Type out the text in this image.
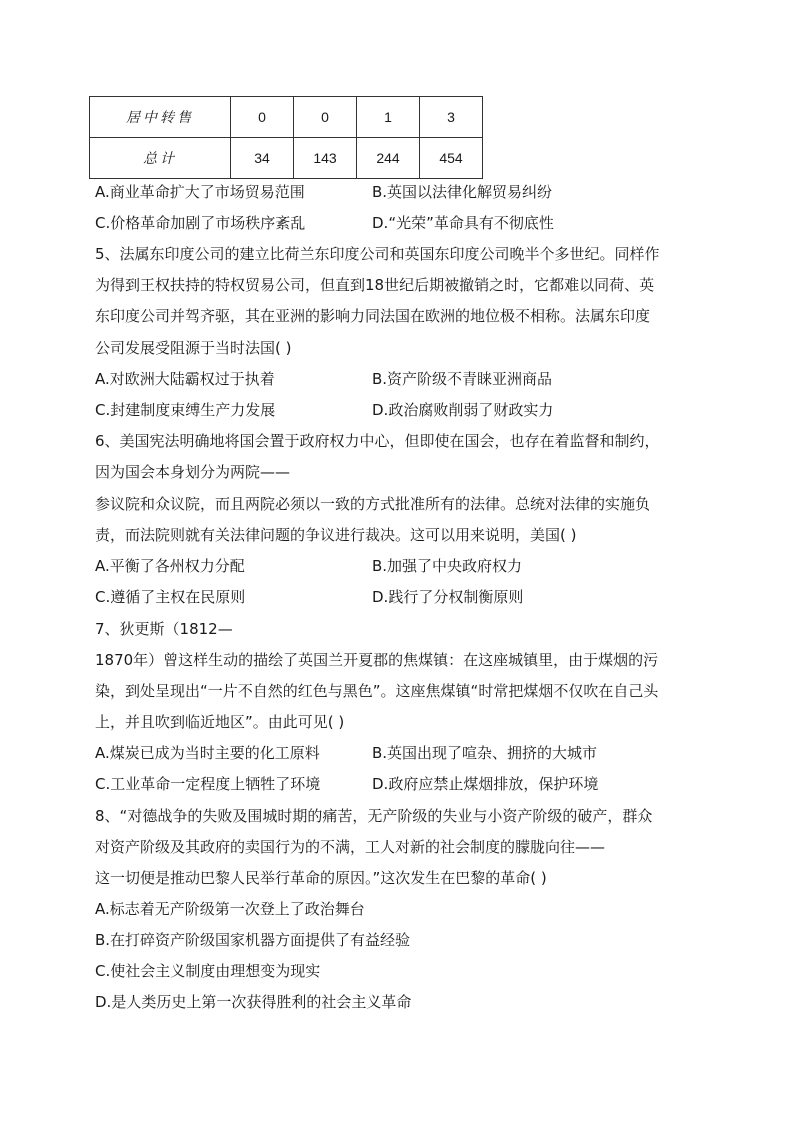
居中转售	0	0	1	3
总计	34	143	244	454
A.商业革命扩大了市场贸易范围	B.英国以法律化解贸易纠纷
C.价格革命加剧了市场秩序紊乱	D.“光荣”革命具有不彻底性
5、法属东印度公司的建立比荷兰东印度公司和英国东印度公司晚半个多世纪。同样作
为得到王权扶持的特权贸易公司，但直到18世纪后期被撤销之时，它都难以同荷、英
东印度公司并驾齐驱，其在亚洲的影响力同法国在欧洲的地位极不相称。法属东印度
公司发展受阻源于当时法国( )
A.对欧洲大陆霸权过于执着	B.资产阶级不青睐亚洲商品
C.封建制度束缚生产力发展	D.政治腐败削弱了财政实力
6、美国宪法明确地将国会置于政府权力中心，但即使在国会，也存在着监督和制约，
因为国会本身划分为两院——
参议院和众议院，而且两院必须以一致的方式批准所有的法律。总统对法律的实施负
责，而法院则就有关法律问题的争议进行裁决。这可以用来说明，美国( )
A.平衡了各州权力分配	B.加强了中央政府权力
C.遵循了主权在民原则	D.践行了分权制衡原则
7、狄更斯（1812—
1870年）曾这样生动的描绘了英国兰开夏郡的焦煤镇：在这座城镇里，由于煤烟的污
染，到处呈现出“一片不自然的红色与黑色”。这座焦煤镇“时常把煤烟不仅吹在自己头
上，并且吹到临近地区”。由此可见( )
A.煤炭已成为当时主要的化工原料	B.英国出现了喧杂、拥挤的大城市
C.工业革命一定程度上牺牲了环境	D.政府应禁止煤烟排放，保护环境
8、“对德战争的失败及围城时期的痛苦，无产阶级的失业与小资产阶级的破产，群众
对资产阶级及其政府的卖国行为的不满，工人对新的社会制度的朦胧向往——
这一切便是推动巴黎人民举行革命的原因。”这次发生在巴黎的革命( )
A.标志着无产阶级第一次登上了政治舞台
B.在打碎资产阶级国家机器方面提供了有益经验
C.使社会主义制度由理想变为现实
D.是人类历史上第一次获得胜利的社会主义革命
